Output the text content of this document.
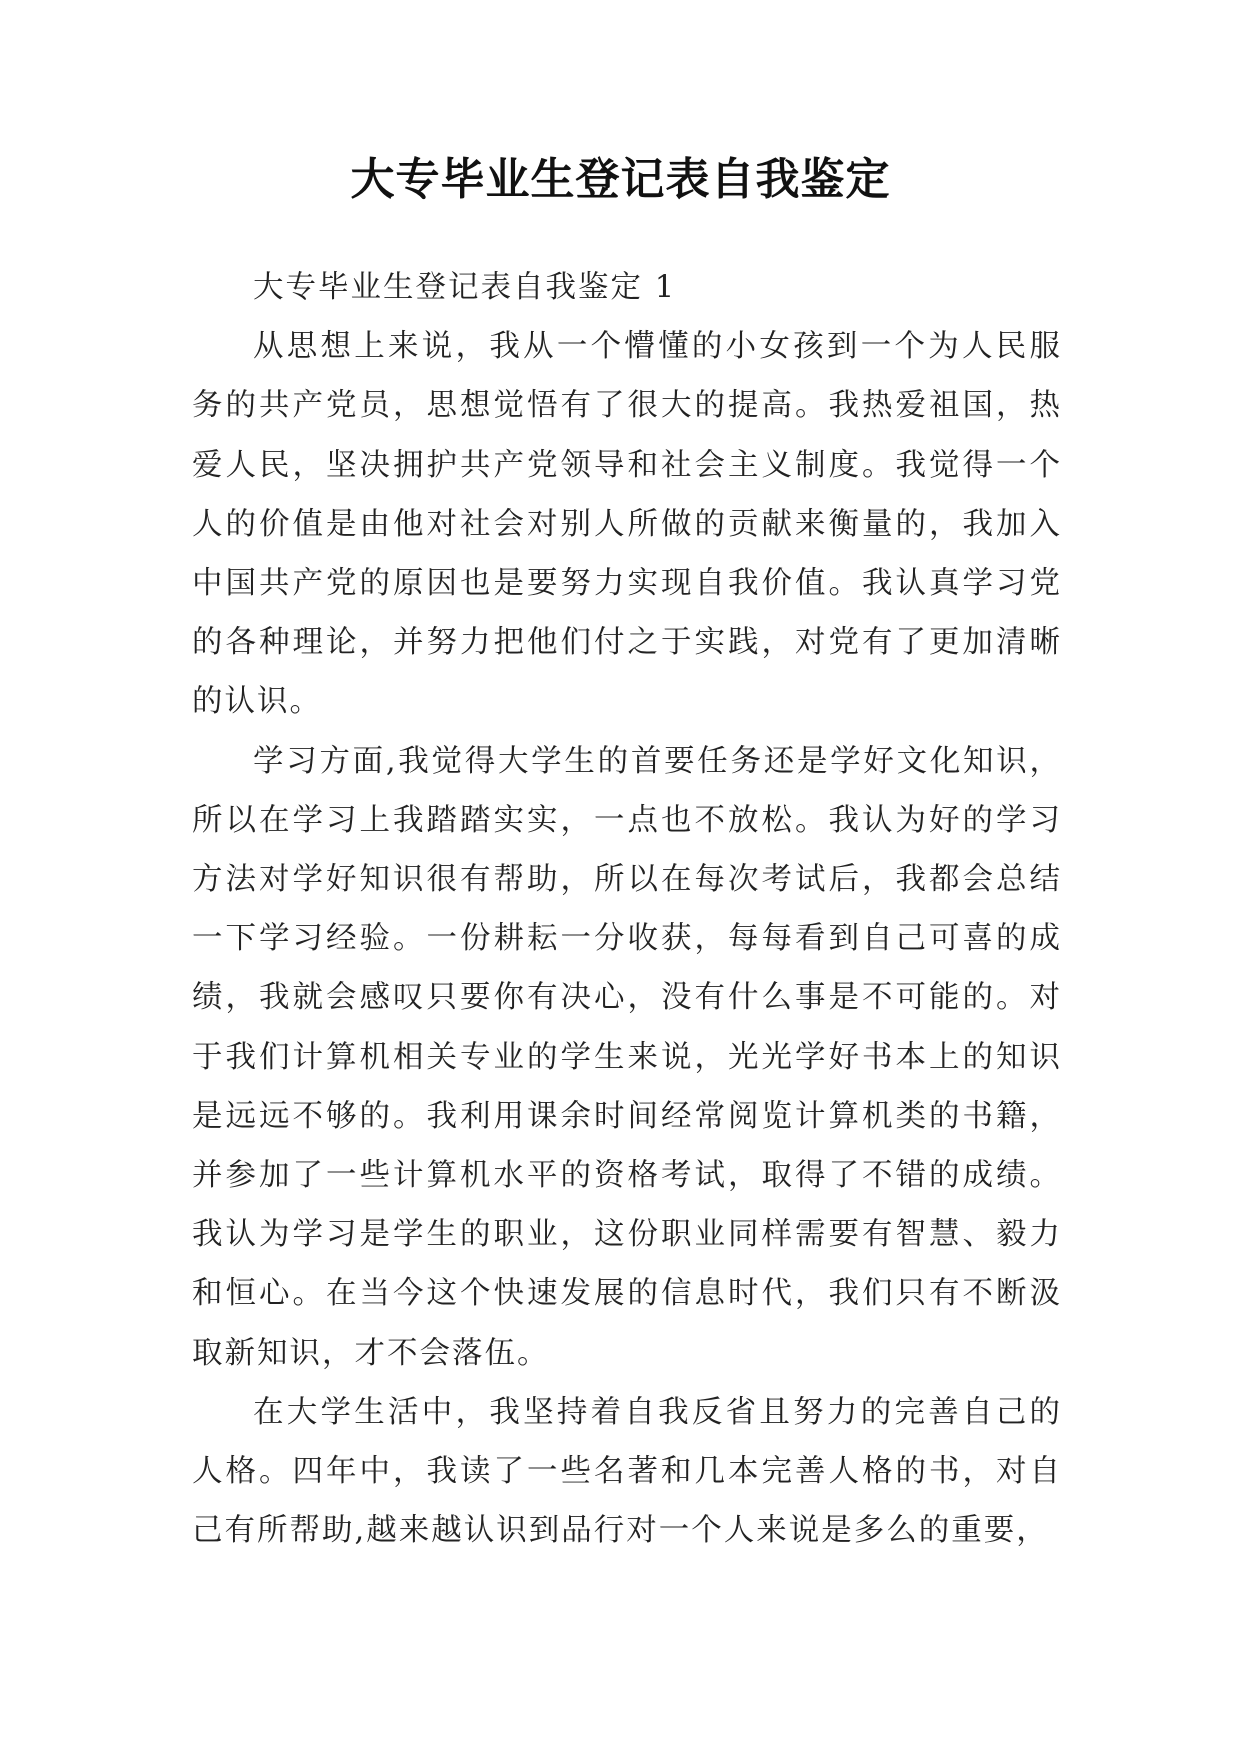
大专毕业生登记表自我鉴定

大专毕业生登记表自我鉴定 1

从思想上来说，我从一个懵懂的小女孩到一个为人民服务的共产党员，思想觉悟有了很大的提高。我热爱祖国，热爱人民，坚决拥护共产党领导和社会主义制度。我觉得一个人的价值是由他对社会对别人所做的贡献来衡量的，我加入中国共产党的原因也是要努力实现自我价值。我认真学习党的各种理论，并努力把他们付之于实践，对党有了更加清晰的认识。

学习方面,我觉得大学生的首要任务还是学好文化知识，所以在学习上我踏踏实实，一点也不放松。我认为好的学习方法对学好知识很有帮助，所以在每次考试后，我都会总结一下学习经验。一份耕耘一分收获，每每看到自己可喜的成绩，我就会感叹只要你有决心，没有什么事是不可能的。对于我们计算机相关专业的学生来说，光光学好书本上的知识是远远不够的。我利用课余时间经常阅览计算机类的书籍，并参加了一些计算机水平的资格考试，取得了不错的成绩。我认为学习是学生的职业，这份职业同样需要有智慧、毅力和恒心。在当今这个快速发展的信息时代，我们只有不断汲取新知识，才不会落伍。

在大学生活中，我坚持着自我反省且努力的完善自己的人格。四年中，我读了一些名著和几本完善人格的书，对自己有所帮助,越来越认识到品行对一个人来说是多么的重要，
